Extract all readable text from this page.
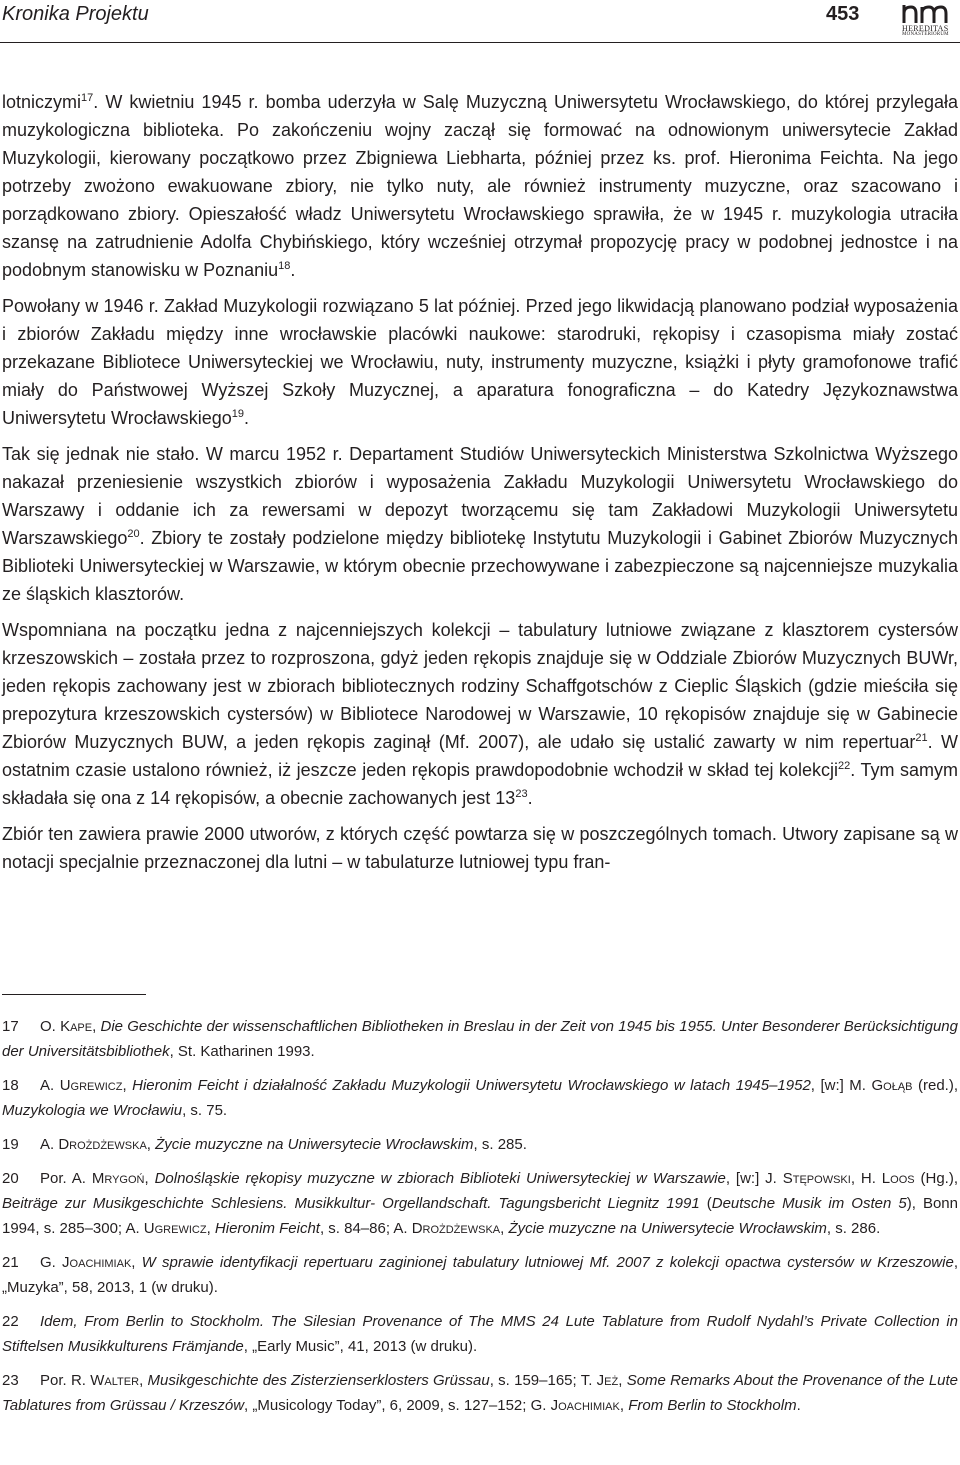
Kronika Projektu	453
HEREDITAS
MONASTERIORUM

lotniczymi$^{17}$. W kwietniu 1945 r. bomba uderzyła w Salę Muzyczną Uniwersytetu Wrocławskiego, do której przylegała muzykologiczna biblioteka. Po zakończeniu wojny zaczął się formować na odnowionym uniwersytecie Zakład Muzykologii, kierowany początkowo przez Zbigniewa Liebharta, później przez ks. prof. Hieronima Feichta. Na jego potrzeby zwożono ewakuowane zbiory, nie tylko nuty, ale również instrumenty muzyczne, oraz szacowano i porządkowano zbiory. Opieszałość władz Uniwersytetu Wrocławskiego sprawiła, że w 1945 r. muzykologia utraciła szansę na zatrudnienie Adolfa Chybińskiego, który wcześniej otrzymał propozycję pracy w podobnej jednostce i na podobnym stanowisku w Poznaniu$^{18}$.

Powołany w 1946 r. Zakład Muzykologii rozwiązano 5 lat później. Przed jego likwidacją planowano podział wyposażenia i zbiorów Zakładu między inne wrocławskie placówki naukowe: starodruki, rękopisy i czasopisma miały zostać przekazane Bibliotece Uniwersyteckiej we Wrocławiu, nuty, instrumenty muzyczne, książki i płyty gramofonowe trafić miały do Państwowej Wyższej Szkoły Muzycznej, a aparatura fonograficzna – do Katedry Językoznawstwa Uniwersytetu Wrocławskiego$^{19}$.

Tak się jednak nie stało. W marcu 1952 r. Departament Studiów Uniwersyteckich Ministerstwa Szkolnictwa Wyższego nakazał przeniesienie wszystkich zbiorów i wyposażenia Zakładu Muzykologii Uniwersytetu Wrocławskiego do Warszawy i oddanie ich za rewersami w depozyt tworzącemu się tam Zakładowi Muzykologii Uniwersytetu Warszawskiego$^{20}$. Zbiory te zostały podzielone między bibliotekę Instytutu Muzykologii i Gabinet Zbiorów Muzycznych Biblioteki Uniwersyteckiej w Warszawie, w którym obecnie przechowywane i zabezpieczone są najcenniejsze muzykalia ze śląskich klasztorów.

Wspomniana na początku jedna z najcenniejszych kolekcji – tabulatury lutniowe związane z klasztorem cystersów krzeszowskich – została przez to rozproszona, gdyż jeden rękopis znajduje się w Oddziale Zbiorów Muzycznych BUWr, jeden rękopis zachowany jest w zbiorach bibliotecznych rodziny Schaffgotschów z Cieplic Śląskich (gdzie mieściła się prepozytura krzeszowskich cystersów) w Bibliotece Narodowej w Warszawie, 10 rękopisów znajduje się w Gabinecie Zbiorów Muzycznych BUW, a jeden rękopis zaginął (Mf. 2007), ale udało się ustalić zawarty w nim repertuar$^{21}$. W ostatnim czasie ustalono również, iż jeszcze jeden rękopis prawdopodobnie wchodził w skład tej kolekcji$^{22}$. Tym samym składała się ona z 14 rękopisów, a obecnie zachowanych jest $13^{23}$.

Zbiór ten zawiera prawie 2000 utworów, z których część powtarza się w poszczególnych tomach. Utwory zapisane są w notacji specjalnie przeznaczonej dla lutni – w tabulaturze lutniowej typu fran-

17 O. Kape, Die Geschichte der wissenschaftlichen Bibliotheken in Breslau in der Zeit von 1945 bis 1955. Unter Besonderer Berücksichtigung der Universitätsbibliothek, St. Katharinen 1993.
18 A. Ugrewicz, Hieronim Feicht i działalność Zakładu Muzykologii Uniwersytetu Wrocławskiego w latach 1945–1952, [w:] M. Gołąb (red.), Muzykologia we Wrocławiu, s. 75.
19 A. Drożdżewska, Życie muzyczne na Uniwersytecie Wrocławskim, s. 285.
20 Por. A. Mrygoń, Dolnośląskie rękopisy muzyczne w zbiorach Biblioteki Uniwersyteckiej w Warszawie, [w:] J. Stępowski, H. Loos (Hg.), Beiträge zur Musikgeschichte Schlesiens. Musikkultur- Orgellandschaft. Tagungsbericht Liegnitz 1991 (Deutsche Musik im Osten 5), Bonn 1994, s. 285–300; A. Ugrewicz, Hieronim Feicht, s. 84–86; A. Drożdżewska, Życie muzyczne na Uniwersytecie Wrocławskim, s. 286.
21 G. Joachimiak, W sprawie identyfikacji repertuaru zaginionej tabulatury lutniowej Mf. 2007 z kolekcji opactwa cystersów w Krzeszowie, „Muzyka”, 58, 2013, 1 (w druku).
22 Idem, From Berlin to Stockholm. The Silesian Provenance of The MMS 24 Lute Tablature from Rudolf Nydahl’s Private Collection in Stiftelsen Musikkulturens Främjande, „Early Music”, 41, 2013 (w druku).
23 Por. R. Walter, Musikgeschichte des Zisterzienserklosters Grüssau, s. 159–165; T. Jeż, Some Remarks About the Provenance of the Lute Tablatures from Grüssau / Krzeszów, „Musicology Today”, 6, 2009, s. 127–152; G. Joachimiak, From Berlin to Stockholm.
